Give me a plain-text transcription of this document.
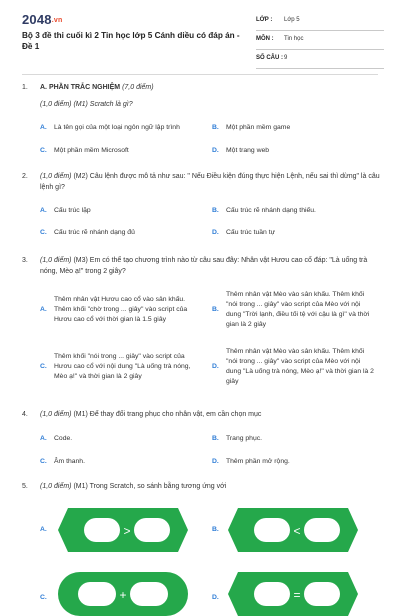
2048.vn
Bộ 3 đề thi cuối kì 2 Tin học lớp 5 Cánh diều có đáp án - Đề 1
LỚP : Lớp 5
MÔN : Tin học
SỐ CÂU : 9
1.	A. PHẦN TRẮC NGHIỆM (7,0 điểm)
(1,0 điểm) (M1) Scratch là gì?
A. Là tên gọi của một loại ngôn ngữ lập trình	B. Một phần mềm game
C. Một phần mềm Microsoft	D. Một trang web
2.	(1,0 điểm) (M2) Câu lệnh được mô tả như sau: " Nếu Điều kiện đúng thực hiện Lệnh, nếu sai thì dừng" là câu lệnh gì?
A. Cấu trúc lặp	B. Cấu trúc rẽ nhánh dạng thiếu.
C. Cấu trúc rẽ nhánh dạng đủ	D. Cấu trúc tuần tự
3.	(1,0 điểm) (M3) Em có thể tạo chương trình nào từ câu sau đây: Nhân vật Hươu cao cổ đáp: "Là uống trà nóng, Mèo ạ!" trong 2 giây?
A.
Thêm nhân vật Hươu cao cổ vào sân khấu. Thêm khối "chờ trong ... giây" vào script của Hươu cao cổ với thời gian là 1.5 giây
B.
Thêm nhân vật Mèo vào sân khấu. Thêm khối "nói trong ... giây" vào script của Mèo với nội dung "Trời lạnh, điều tối tệ với cậu là gì" và thời gian là 2 giây
C.
Thêm khối "nói trong ... giây" vào script của Hươu cao cổ với nội dung "Là uống trà nóng, Mèo ạ!" và thời gian là 2 giây
D.
Thêm nhân vật Mèo vào sân khấu. Thêm khối "nói trong ... giây" vào script của Mèo với nội dung "Là uống trà nóng, Mèo ạ!" và thời gian là 2 giây
4.	(1,0 điểm) (M1) Để thay đổi trang phục cho nhân vật, em cần chọn mục
A. Code.	B. Trang phục.
C. Âm thanh.	D. Thêm phần mở rộng.
5.	(1,0 điểm) (M1) Trong Scratch, so sánh bằng tương ứng với
A.	>	B.	<
C.	+	D.	=
